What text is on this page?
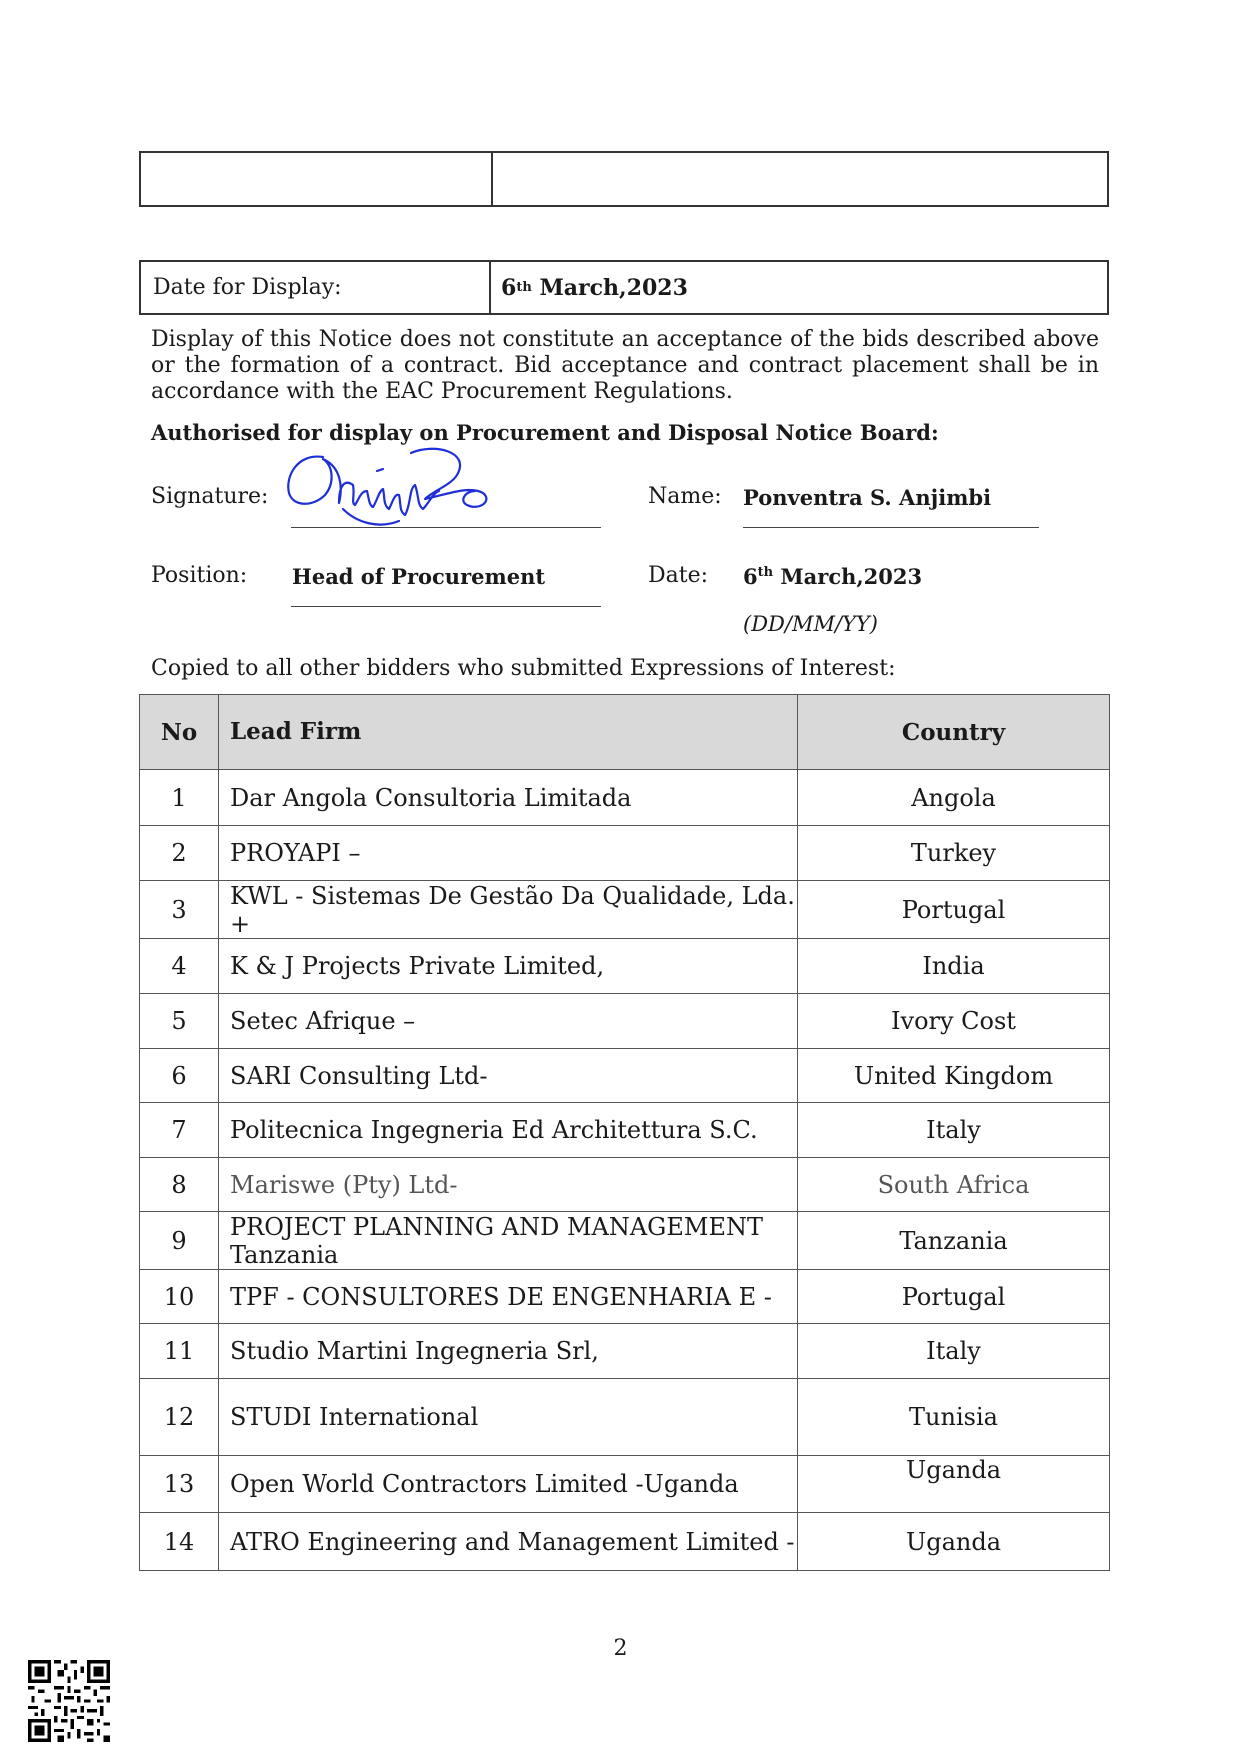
Date for Display:	6 th March,2023
Display of this Notice does not constitute an acceptance of the bids described above or the formation of a contract. Bid acceptance and contract placement shall be in accordance with the EAC Procurement Regulations.
Authorised for display on Procurement and Disposal Notice Board:
Signature:	Name: Ponventra S. Anjimbi
Position: Head of Procurement	Date: 6th March,2023
(DD/MM/YY)
Copied to all other bidders who submitted Expressions of Interest:
No	Lead Firm	Country
1	Dar Angola Consultoria Limitada	Angola
2	PROYAPI –	Turkey
3	KWL - Sistemas De Gestão Da Qualidade, Lda. +	Portugal
4	K & J Projects Private Limited,	India
5	Setec Afrique –	Ivory Cost
6	SARI Consulting Ltd-	United Kingdom
7	Politecnica Ingegneria Ed Architettura S.C.	Italy
8	Mariswe (Pty) Ltd-	South Africa
9	PROJECT PLANNING AND MANAGEMENT Tanzania	Tanzania
10	TPF - CONSULTORES DE ENGENHARIA E -	Portugal
11	Studio Martini Ingegneria Srl,	Italy
12	STUDI International	Tunisia
13	Open World Contractors Limited -Uganda	Uganda
14	ATRO Engineering and Management Limited -	Uganda
2
